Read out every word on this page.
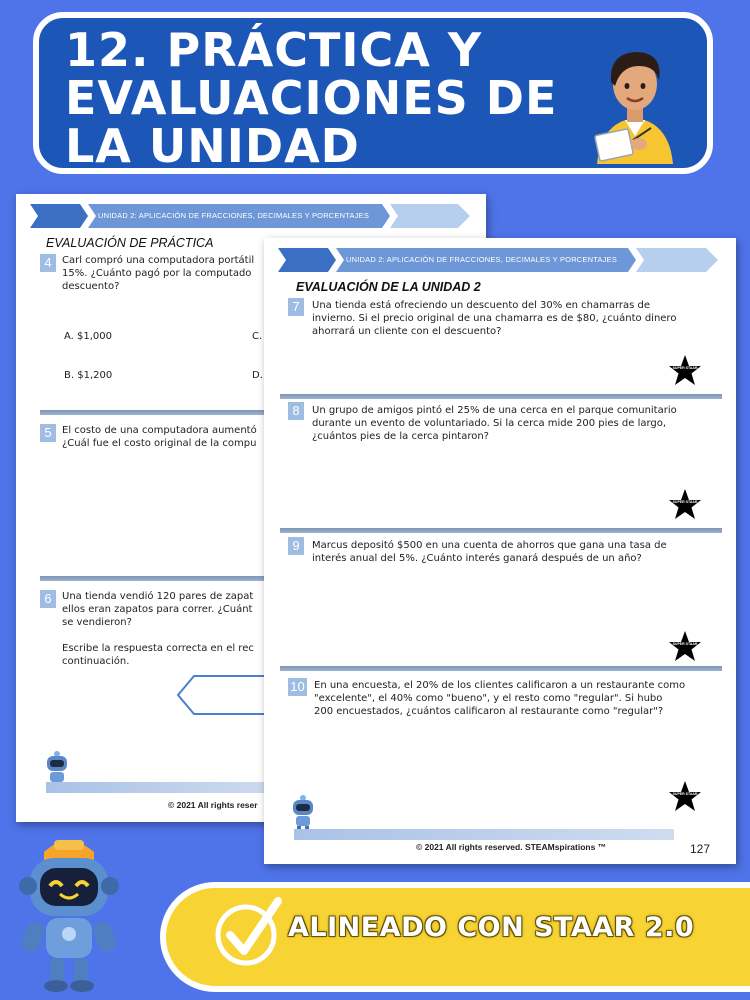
12. PRÁCTICA Y EVALUACIONES DE LA UNIDAD
UNIDAD 2: APLICACIÓN DE FRACCIONES, DECIMALES Y PORCENTAJES
EVALUACIÓN DE PRÁCTICA
4	Carl compró una computadora portátil
15%. ¿Cuánto pagó por la computado
descuento?
A. $1,000	C.
B. $1,200	D.
5	El costo de una computadora aumentó
¿Cuál fue el costo original de la compu
6	Una tienda vendió 120 pares de zapat
ellos eran zapatos para correr. ¿Cuánt
se vendieron?
Escribe la respuesta correcta en el rec
continuación.
© 2021 All rights reser
UNIDAD 2: APLICACIÓN DE FRACCIONES, DECIMALES Y PORCENTAJES
EVALUACIÓN DE LA UNIDAD 2
7	Una tienda está ofreciendo un descuento del 30% en chamarras de
invierno. Si el precio original de una chamarra es de $80, ¿cuánto dinero
ahorrará un cliente con el descuento?
SUPER STAAR
8	Un grupo de amigos pintó el 25% de una cerca en el parque comunitario
durante un evento de voluntariado. Si la cerca mide 200 pies de largo,
¿cuántos pies de la cerca pintaron?
SUPER STAAR
9	Marcus depositó $500 en una cuenta de ahorros que gana una tasa de
interés anual del 5%. ¿Cuánto interés ganará después de un año?
SUPER STAAR
10 En una encuesta, el 20% de los clientes calificaron a un restaurante como
"excelente", el 40% como "bueno", y el resto como "regular". Si hubo
200 encuestados, ¿cuántos calificaron al restaurante como "regular"?
SUPER STAAR
© 2021 All rights reserved. STEAMspirations ™	127
ALINEADO CON STAAR 2.0
